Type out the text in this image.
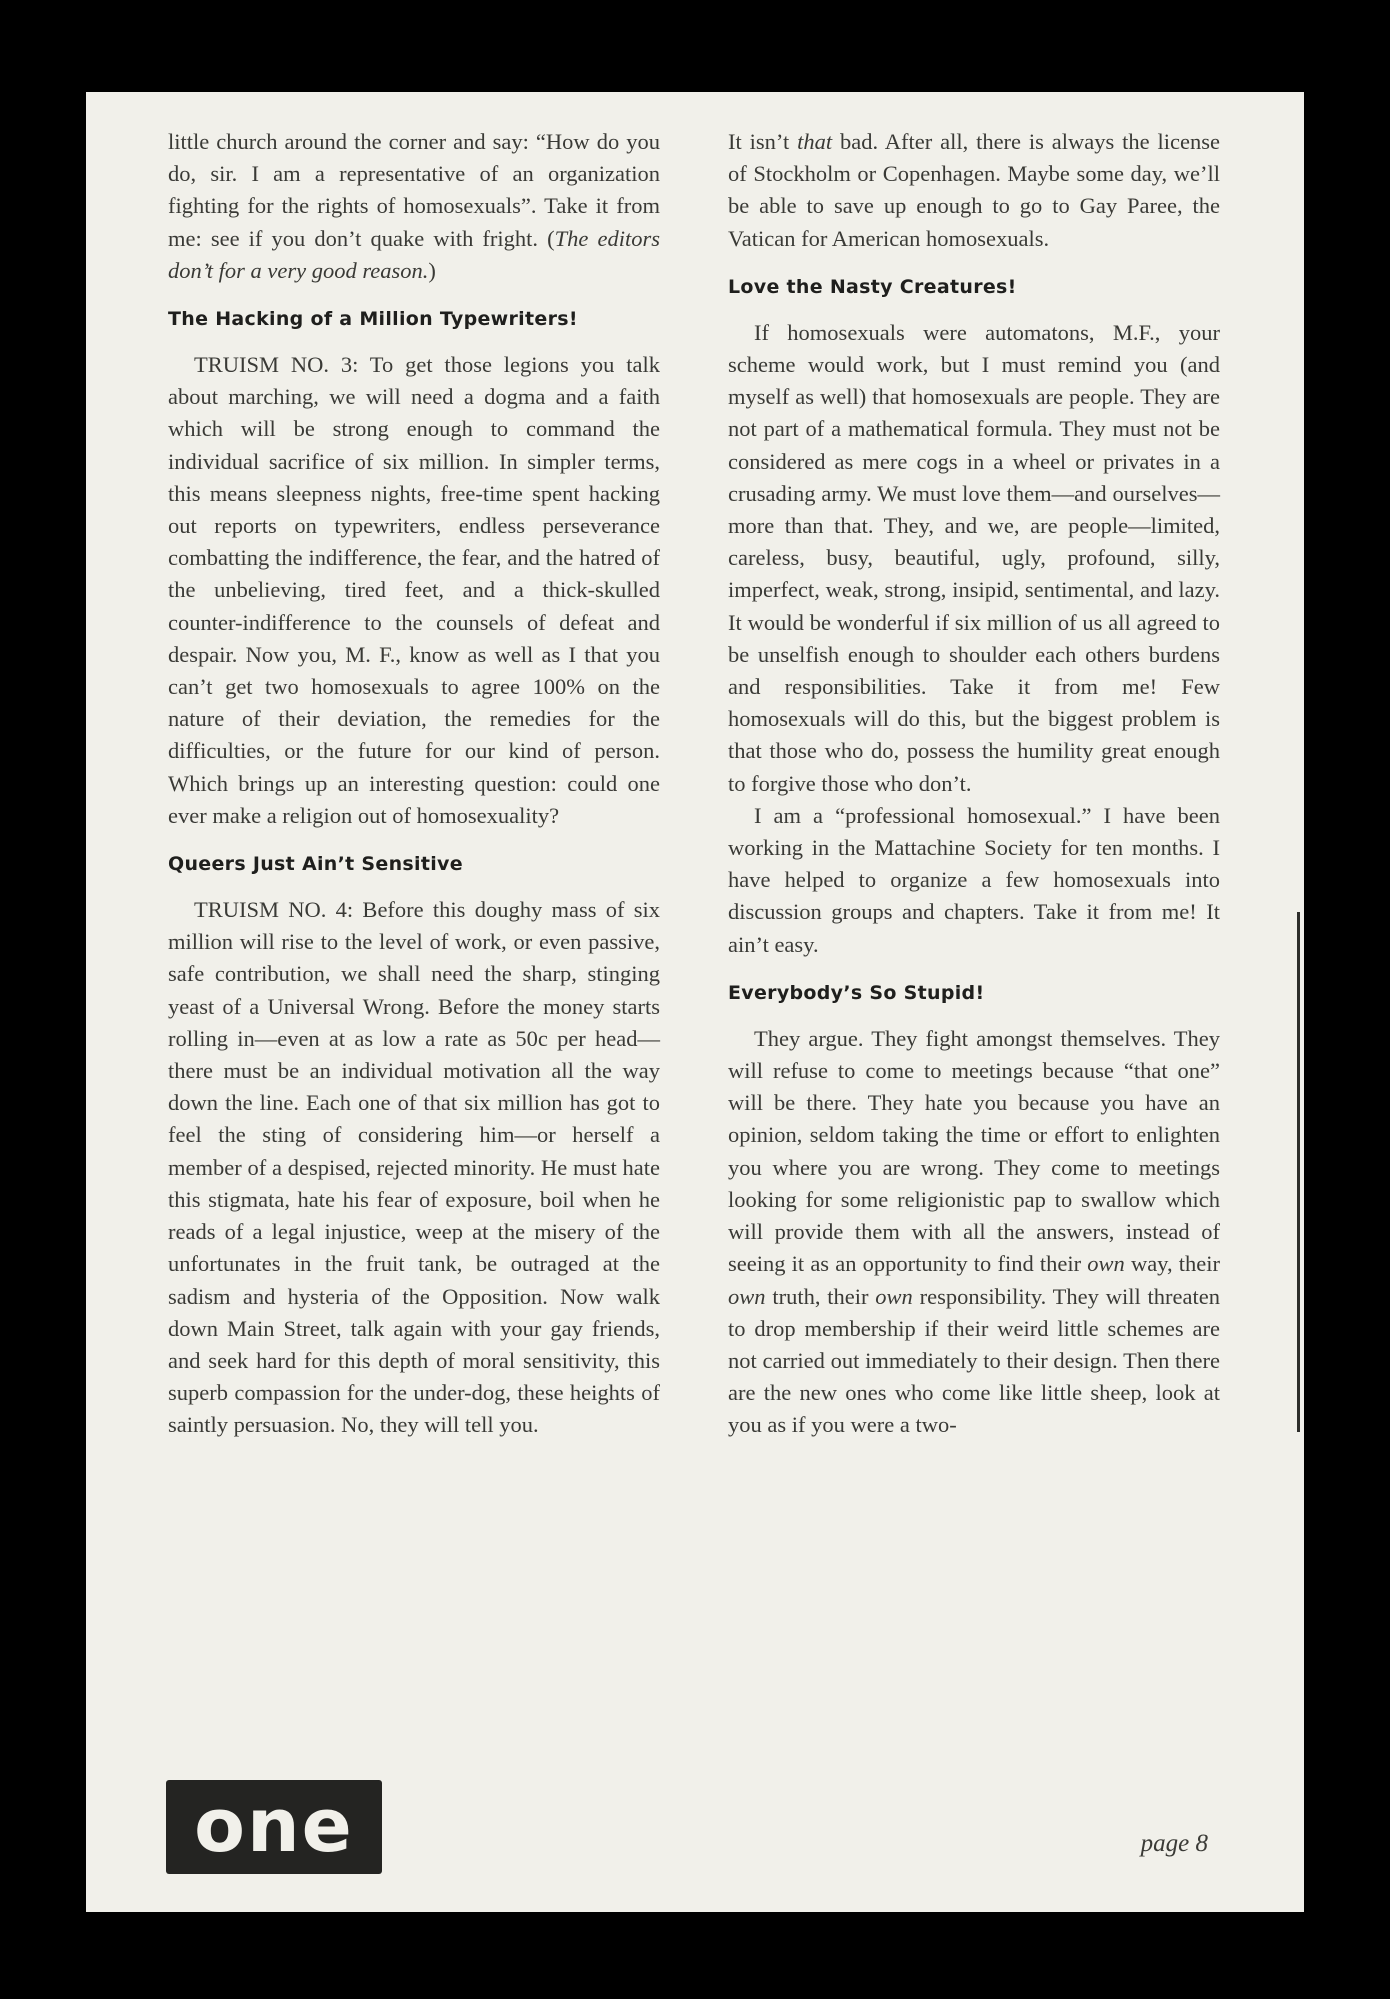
little church around the corner and say: “How do you do, sir. I am a representative of an organization fighting for the rights of homosexuals”. Take it from me: see if you don’t quake with fright. (The editors don’t for a very good reason.)

The Hacking of a Million Typewriters!

TRUISM NO. 3: To get those legions you talk about marching, we will need a dogma and a faith which will be strong enough to command the individual sacrifice of six million. In simpler terms, this means sleepness nights, free-time spent hacking out reports on typewriters, endless perseverance combatting the indifference, the fear, and the hatred of the unbelieving, tired feet, and a thick-skulled counter-indifference to the counsels of defeat and despair. Now you, M. F., know as well as I that you can’t get two homosexuals to agree 100% on the nature of their deviation, the remedies for the difficulties, or the future for our kind of person. Which brings up an interesting question: could one ever make a religion out of homosexuality?

Queers Just Ain’t Sensitive

TRUISM NO. 4: Before this doughy mass of six million will rise to the level of work, or even passive, safe contribution, we shall need the sharp, stinging yeast of a Universal Wrong. Before the money starts rolling in—even at as low a rate as 50c per head—there must be an individual motivation all the way down the line. Each one of that six million has got to feel the sting of considering him—or herself a member of a despised, rejected minority. He must hate this stigmata, hate his fear of exposure, boil when he reads of a legal injustice, weep at the misery of the unfortunates in the fruit tank, be outraged at the sadism and hysteria of the Opposition. Now walk down Main Street, talk again with your gay friends, and seek hard for this depth of moral sensitivity, this superb compassion for the under-dog, these heights of saintly persuasion. No, they will tell you.

It isn’t that bad. After all, there is always the license of Stockholm or Copenhagen. Maybe some day, we’ll be able to save up enough to go to Gay Paree, the Vatican for American homosexuals.

Love the Nasty Creatures!

If homosexuals were automatons, M.F., your scheme would work, but I must remind you (and myself as well) that homosexuals are people. They are not part of a mathematical formula. They must not be considered as mere cogs in a wheel or privates in a crusading army. We must love them—and ourselves—more than that. They, and we, are people—limited, careless, busy, beautiful, ugly, profound, silly, imperfect, weak, strong, insipid, sentimental, and lazy. It would be wonderful if six million of us all agreed to be unselfish enough to shoulder each others burdens and responsibilities. Take it from me! Few homosexuals will do this, but the biggest problem is that those who do, possess the humility great enough to forgive those who don’t.

I am a “professional homosexual.” I have been working in the Mattachine Society for ten months. I have helped to organize a few homosexuals into discussion groups and chapters. Take it from me! It ain’t easy.

Everybody’s So Stupid!

They argue. They fight amongst themselves. They will refuse to come to meetings because “that one” will be there. They hate you because you have an opinion, seldom taking the time or effort to enlighten you where you are wrong. They come to meetings looking for some religionistic pap to swallow which will provide them with all the answers, instead of seeing it as an opportunity to find their own way, their own truth, their own responsibility. They will threaten to drop membership if their weird little schemes are not carried out immediately to their design. Then there are the new ones who come like little sheep, look at you as if you were a two-

one	page 8
